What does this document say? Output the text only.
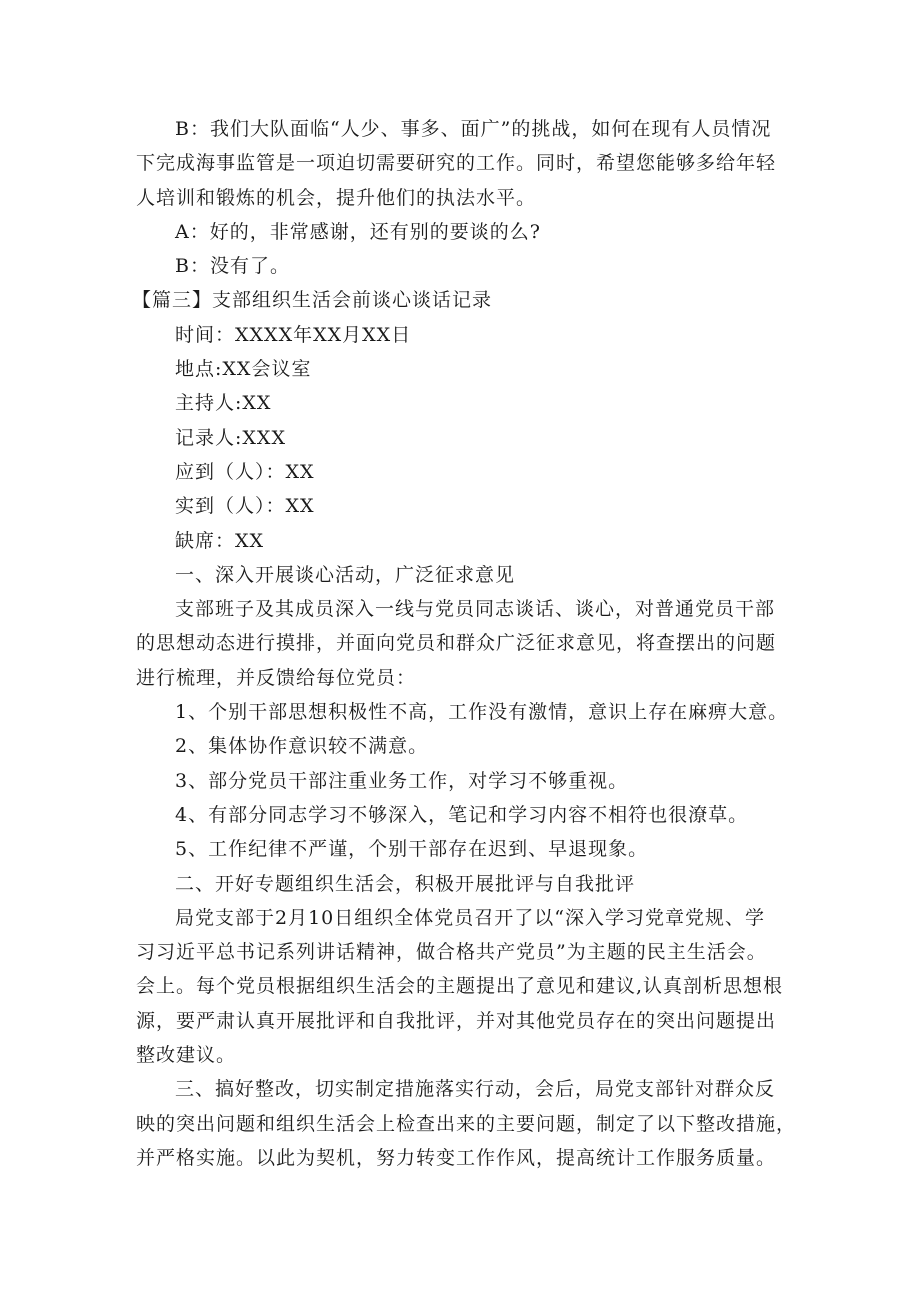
B：我们大队面临“人少、事多、面广”的挑战，如何在现有人员情况

下完成海事监管是一项迫切需要研究的工作。同时，希望您能够多给年轻

人培训和锻炼的机会，提升他们的执法水平。

A：好的，非常感谢，还有别的要谈的么?

B：没有了。

【篇三】支部组织生活会前谈心谈话记录

时间：XXXX年XX月XX日

地点:XX会议室

主持人:XX

记录人:XXX

应到（人）：XX

实到（人）：XX

缺席：XX

一、深入开展谈心活动，广泛征求意见

支部班子及其成员深入一线与党员同志谈话、谈心，对普通党员干部

的思想动态进行摸排，并面向党员和群众广泛征求意见，将查摆出的问题

进行梳理，并反馈给每位党员：

1、个别干部思想积极性不高，工作没有激情，意识上存在麻痹大意。

2、集体协作意识较不满意。

3、部分党员干部注重业务工作，对学习不够重视。

4、有部分同志学习不够深入，笔记和学习内容不相符也很潦草。

5、工作纪律不严谨，个别干部存在迟到、早退现象。

二、开好专题组织生活会，积极开展批评与自我批评

局党支部于2月10日组织全体党员召开了以“深入学习党章党规、学

习习近平总书记系列讲话精神，做合格共产党员”为主题的民主生活会。

会上。每个党员根据组织生活会的主题提出了意见和建议,认真剖析思想根

源，要严肃认真开展批评和自我批评，并对其他党员存在的突出问题提出

整改建议。

三、搞好整改，切实制定措施落实行动，会后，局党支部针对群众反

映的突出问题和组织生活会上检查出来的主要问题，制定了以下整改措施，

并严格实施。以此为契机，努力转变工作作风，提高统计工作服务质量。
